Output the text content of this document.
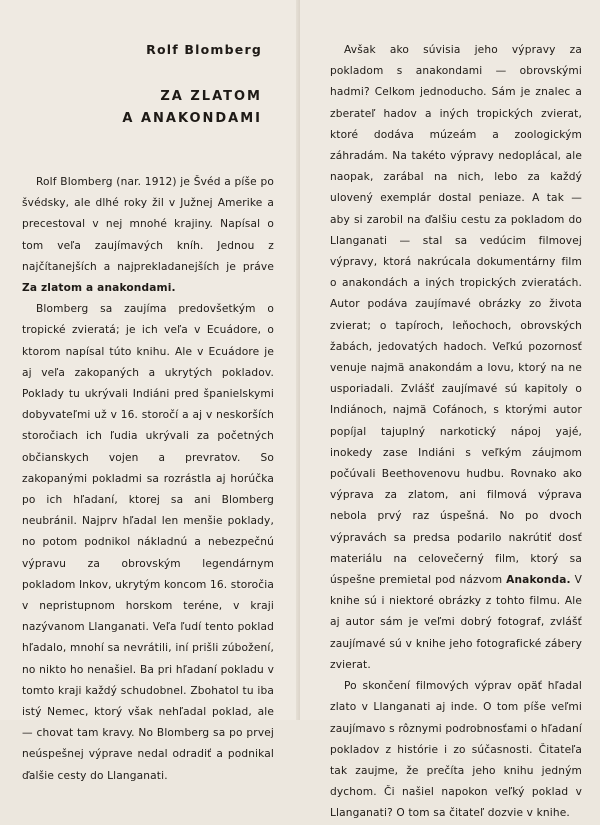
Rolf Blomberg
ZA ZLATOM
A ANAKONDAMI

Rolf Blomberg (nar. 1912) je Švéd a píše po švédsky, ale dlhé roky žil v Južnej Amerike a precestoval v nej mnohé krajiny. Napísal o tom veľa zaujímavých kníh. Jednou z najčítanejších a najprekladanejších je práve Za zlatom a anakondami.

Blomberg sa zaujíma predovšetkým o tropické zvieratá; je ich veľa v Ecuádore, o ktorom napísal túto knihu. Ale v Ecuádore je aj veľa zakopaných a ukrytých pokladov. Poklady tu ukrývali Indiáni pred španielskymi dobyvateľmi už v 16. storočí a aj v neskorších storočiach ich ľudia ukrývali za početných občianskych vojen a prevratov. So zakopanými pokladmi sa rozrástla aj horúčka po ich hľadaní, ktorej sa ani Blomberg neubránil. Najprv hľadal len menšie poklady, no potom podnikol nákladnú a nebezpečnú výpravu za obrovským legendárnym pokladom Inkov, ukrytým koncom 16. storočia v nepristupnom horskom teréne, v kraji nazývanom Llanganati. Veľa ľudí tento poklad hľadalo, mnohí sa nevrátili, iní prišli zúbožení, no nikto ho nenašiel. Ba pri hľadaní pokladu v tomto kraji každý schudobnel. Zbohatol tu iba istý Nemec, ktorý však nehľadal poklad, ale — chovat tam kravy. No Blomberg sa po prvej neúspešnej výprave nedal odradiť a podnikal ďalšie cesty do Llanganati.

Avšak ako súvisia jeho výpravy za pokladom s anakondami — obrovskými hadmi? Celkom jednoducho. Sám je znalec a zberateľ hadov a iných tropických zvierat, ktoré dodáva múzeám a zoologickým záhradám. Na takéto výpravy nedoplácal, ale naopak, zarábal na nich, lebo za každý ulovený exemplár dostal peniaze. A tak — aby si zarobil na ďalšiu cestu za pokladom do Llanganati — stal sa vedúcim filmovej výpravy, ktorá nakrúcala dokumentárny film o anakondách a iných tropických zvieratách. Autor podáva zaujímavé obrázky zo života zvierat; o tapíroch, leňochoch, obrovských žabách, jedovatých hadoch. Veľkú pozornosť venuje najmä anakondám a lovu, ktorý na ne usporiadali. Zvlášť zaujímavé sú kapitoly o Indiánoch, najmä Cofánoch, s ktorými autor popíjal tajuplný narkotický nápoj yajé, inokedy zase Indiáni s veľkým záujmom počúvali Beethovenovu hudbu. Rovnako ako výprava za zlatom, ani filmová výprava nebola prvý raz úspešná. No po dvoch výpravách sa predsa podarilo nakrútiť dosť materiálu na celovečerný film, ktorý sa úspešne premietal pod názvom Anakonda. V knihe sú i niektoré obrázky z tohto filmu. Ale aj autor sám je veľmi dobrý fotograf, zvlášť zaujímavé sú v knihe jeho fotografické zábery zvierat.

Po skončení filmových výprav opäť hľadal zlato v Llanganati aj inde. O tom píše veľmi zaujímavo s rôznymi podrobnosťami o hľadaní pokladov z histórie i zo súčasnosti. Čitateľa tak zaujme, že prečíta jeho knihu jedným dychom. Či našiel napokon veľký poklad v Llanganati? O tom sa čitateľ dozvie v knihe.
